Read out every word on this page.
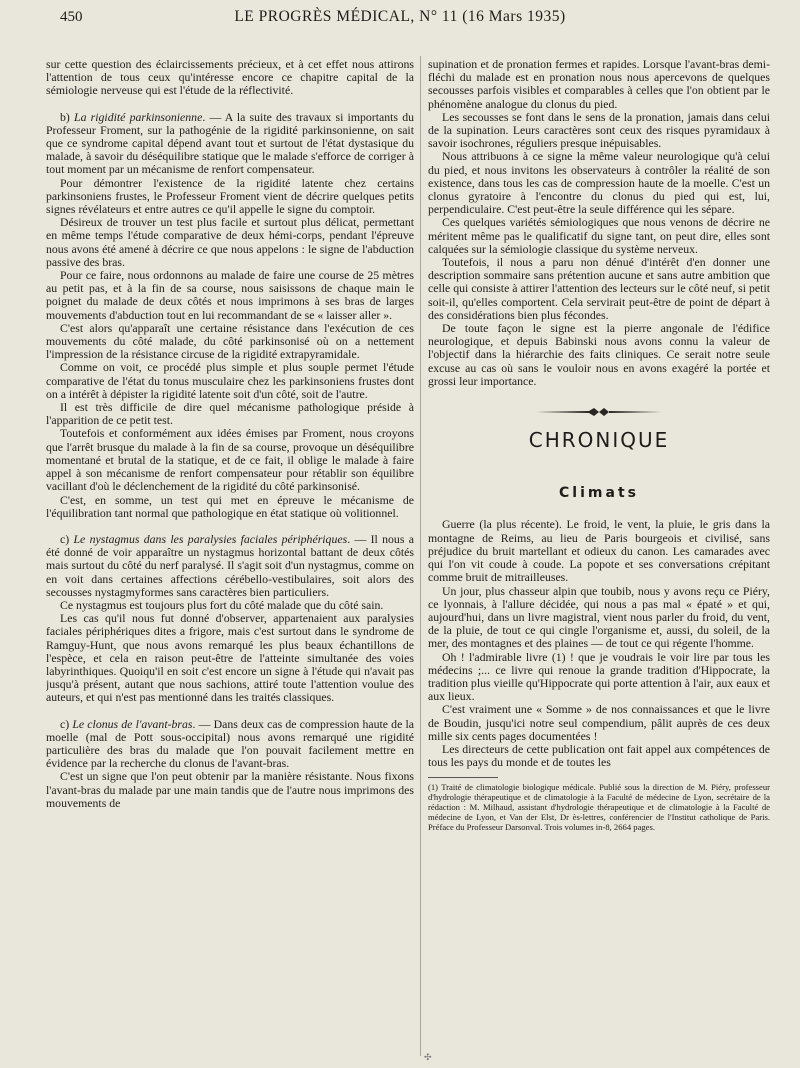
450	LE PROGRÈS MÉDICAL, N° 11 (16 Mars 1935)

sur cette question des éclaircissements précieux, et à cet effet nous attirons l'attention de tous ceux qu'intéresse encore ce chapitre capital de la sémiologie nerveuse qui est l'étude de la réflectivité.

b) La rigidité parkinsonienne. — A la suite des travaux si importants du Professeur Froment, sur la pathogénie de la rigidité parkinsonienne, on sait que ce syndrome capital dépend avant tout et surtout de l'état dystasique du malade, à savoir du déséquilibre statique que le malade s'efforce de corriger à tout moment par un mécanisme de renfort compensateur.

Pour démontrer l'existence de la rigidité latente chez certains parkinsoniens frustes, le Professeur Froment vient de décrire quelques petits signes révélateurs et entre autres ce qu'il appelle le signe du comptoir.

Désireux de trouver un test plus facile et surtout plus délicat, permettant en même temps l'étude comparative de deux hémi-corps, pendant l'épreuve nous avons été amené à décrire ce que nous appelons : le signe de l'abduction passive des bras.

Pour ce faire, nous ordonnons au malade de faire une course de 25 mètres au petit pas, et à la fin de sa course, nous saisissons de chaque main le poignet du malade de deux côtés et nous imprimons à ses bras de larges mouvements d'abduction tout en lui recommandant de se « laisser aller ».

C'est alors qu'apparaît une certaine résistance dans l'exécution de ces mouvements du côté malade, du côté parkinsonisé où on a nettement l'impression de la résistance circuse de la rigidité extrapyramidale.

Comme on voit, ce procédé plus simple et plus souple permet l'étude comparative de l'état du tonus musculaire chez les parkinsoniens frustes dont on a intérêt à dépister la rigidité latente soit d'un côté, soit de l'autre.

Il est très difficile de dire quel mécanisme pathologique préside à l'apparition de ce petit test.

Toutefois et conformément aux idées émises par Froment, nous croyons que l'arrêt brusque du malade à la fin de sa course, provoque un déséquilibre momentané et brutal de la statique, et de ce fait, il oblige le malade à faire appel à son mécanisme de renfort compensateur pour rétablir son équilibre vacillant d'où le déclenchement de la rigidité du côté parkinsonisé.

C'est, en somme, un test qui met en épreuve le mécanisme de l'équilibration tant normal que pathologique en état statique où volitionnel.

c) Le nystagmus dans les paralysies faciales périphériques. — Il nous a été donné de voir apparaître un nystagmus horizontal battant de deux côtés mais surtout du côté du nerf paralysé. Il s'agit soit d'un nystagmus, comme on en voit dans certaines affections cérébello-vestibulaires, soit alors des secousses nystagmyformes sans caractères bien particuliers.

Ce nystagmus est toujours plus fort du côté malade que du côté sain.

Les cas qu'il nous fut donné d'observer, appartenaient aux paralysies faciales périphériques dites a frigore, mais c'est surtout dans le syndrome de Ramguy-Hunt, que nous avons remarqué les plus beaux échantillons de l'espèce, et cela en raison peut-être de l'atteinte simultanée des voies labyrinthiques. Quoiqu'il en soit c'est encore un signe à l'étude qui n'avait pas jusqu'à présent, autant que nous sachions, attiré toute l'attention voulue des auteurs, et qui n'est pas mentionné dans les traités classiques.

c) Le clonus de l'avant-bras. — Dans deux cas de compression haute de la moelle (mal de Pott sous-occipital) nous avons remarqué une rigidité particulière des bras du malade que l'on pouvait facilement mettre en évidence par la recherche du clonus de l'avant-bras.

C'est un signe que l'on peut obtenir par la manière résistante. Nous fixons l'avant-bras du malade par une main tandis que de l'autre nous imprimons des mouvements de

supination et de pronation fermes et rapides. Lorsque l'avant-bras demi-fléchi du malade est en pronation nous nous apercevons de quelques secousses parfois visibles et comparables à celles que l'on obtient par le phénomène analogue du clonus du pied.

Les secousses se font dans le sens de la pronation, jamais dans celui de la supination. Leurs caractères sont ceux des risques pyramidaux à savoir isochrones, réguliers presque inépuisables.

Nous attribuons à ce signe la même valeur neurologique qu'à celui du pied, et nous invitons les observateurs à contrôler la réalité de son existence, dans tous les cas de compression haute de la moelle. C'est un clonus gyratoire à l'encontre du clonus du pied qui est, lui, perpendiculaire. C'est peut-être la seule différence qui les sépare.

Ces quelques variétés sémiologiques que nous venons de décrire ne méritent même pas le qualificatif du signe tant, on peut dire, elles sont calquées sur la sémiologie classique du système nerveux.

Toutefois, il nous a paru non dénué d'intérêt d'en donner une description sommaire sans prétention aucune et sans autre ambition que celle qui consiste à attirer l'attention des lecteurs sur le côté neuf, si petit soit-il, qu'elles comportent. Cela servirait peut-être de point de départ à des considérations bien plus fécondes.

De toute façon le signe est la pierre angonale de l'édifice neurologique, et depuis Babinski nous avons connu la valeur de l'objectif dans la hiérarchie des faits cliniques. Ce serait notre seule excuse au cas où sans le vouloir nous en avons exagéré la portée et grossi leur importance.

CHRONIQUE
Climats

Guerre (la plus récente). Le froid, le vent, la pluie, le gris dans la montagne de Reims, au lieu de Paris bourgeois et civilisé, sans préjudice du bruit martellant et odieux du canon. Les camarades avec qui l'on vit coude à coude. La popote et ses conversations crépitant comme bruit de mitrailleuses.

Un jour, plus chasseur alpin que toubib, nous y avons reçu ce Piéry, ce lyonnais, à l'allure décidée, qui nous a pas mal « épaté » et qui, aujourd'hui, dans un livre magistral, vient nous parler du froid, du vent, de la pluie, de tout ce qui cingle l'organisme et, aussi, du soleil, de la mer, des montagnes et des plaines — de tout ce qui régente l'homme.

Oh ! l'admirable livre (1) ! que je voudrais le voir lire par tous les médecins ;... ce livre qui renoue la grande tradition d'Hippocrate, la tradition plus vieille qu'Hippocrate qui porte attention à l'air, aux eaux et aux lieux.

C'est vraiment une « Somme » de nos connaissances et que le livre de Boudin, jusqu'ici notre seul compendium, pâlit auprès de ces deux mille six cents pages documentées !

Les directeurs de cette publication ont fait appel aux compétences de tous les pays du monde et de toutes les

(1) Traité de climatologie biologique médicale. Publié sous la direction de M. Piéry, professeur d'hydrologie thérapeutique et de climatologie à la Faculté de médecine de Lyon, secrétaire de la rédaction : M. Milhaud, assistant d'hydrologie thérapeutique et de climatologie à la Faculté de médecine de Lyon, et Van der Elst, Dr ès-lettres, conférencier de l'Institut catholique de Paris. Préface du Professeur Darsonval. Trois volumes in-8, 2664 pages.

✣
